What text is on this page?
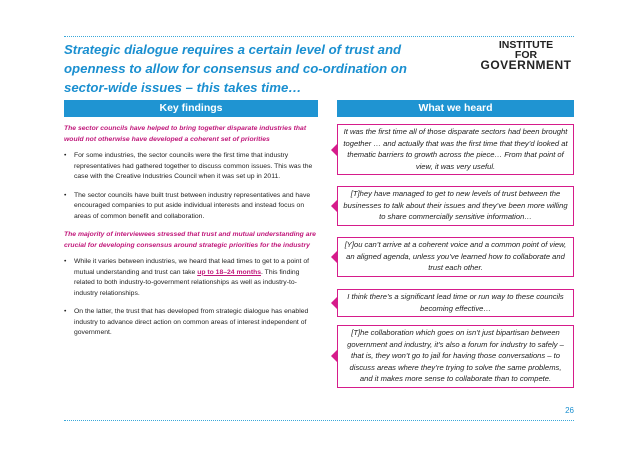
Strategic dialogue requires a certain level of trust and
openness to allow for consensus and co-ordination on
sector-wide issues – this takes time…
INSTITUTE
FOR
GOVERNMENT
Key findings	What we heard
The sector councils have helped to bring together disparate industries that would not otherwise have developed a coherent set of priorities
• For some industries, the sector councils were the first time that industry representatives had gathered together to discuss common issues. This was the case with the Creative Industries Council when it was set up in 2011.
• The sector councils have built trust between industry representatives and have encouraged companies to put aside individual interests and instead focus on areas of common benefit and collaboration.
The majority of interviewees stressed that trust and mutual understanding are crucial for developing consensus around strategic priorities for the industry
• While it varies between industries, we heard that lead times to get to a point of mutual understanding and trust can take up to 18–24 months. This finding related to both industry-to-government relationships as well as industry-to-industry relationships.
• On the latter, the trust that has developed from strategic dialogue has enabled industry to advance direct action on common areas of interest independent of government.
It was the first time all of those disparate sectors had been brought together … and actually that was the first time that they’d looked at thematic barriers to growth across the piece… From that point of view, it was very useful.
[T]hey have managed to get to new levels of trust between the businesses to talk about their issues and they’ve been more willing to share commercially sensitive information…
[Y]ou can’t arrive at a coherent voice and a common point of view, an aligned agenda, unless you’ve learned how to collaborate and trust each other.
I think there’s a significant lead time or run way to these councils becoming effective…
[T]he collaboration which goes on isn’t just bipartisan between government and industry, it’s also a forum for industry to safely – that is, they won’t go to jail for having those conversations – to discuss areas where they’re trying to solve the same problems, and it makes more sense to collaborate than to compete.
26
